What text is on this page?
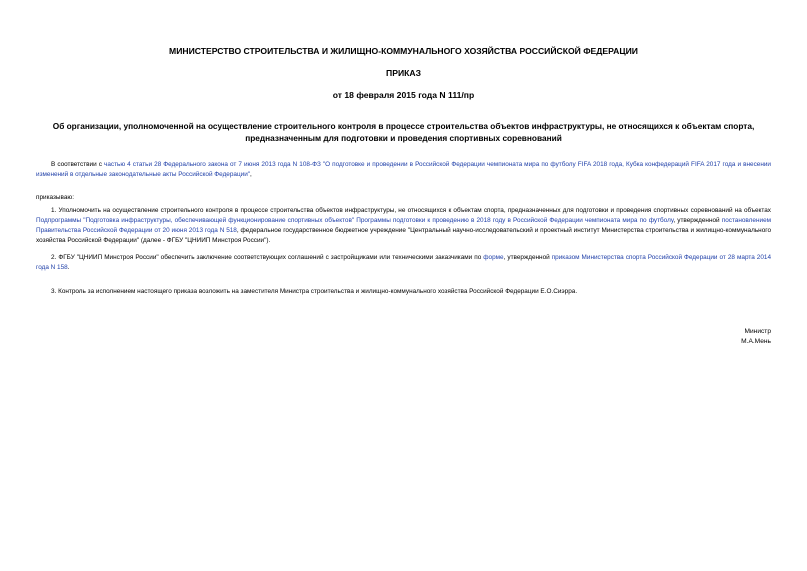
МИНИСТЕРСТВО СТРОИТЕЛЬСТВА И ЖИЛИЩНО-КОММУНАЛЬНОГО ХОЗЯЙСТВА РОССИЙСКОЙ ФЕДЕРАЦИИ
ПРИКАЗ
от 18 февраля 2015 года N 111/пр
Об организации, уполномоченной на осуществление строительного контроля в процессе строительства объектов инфраструктуры, не относящихся к объектам спорта, предназначенным для подготовки и проведения спортивных соревнований
В соответствии с частью 4 статьи 28 Федерального закона от 7 июня 2013 года N 108-ФЗ "О подготовке и проведении в Российской Федерации чемпионата мира по футболу FIFA 2018 года, Кубка конфедераций FIFA 2017 года и внесении изменений в отдельные законодательные акты Российской Федерации",
приказываю:
1. Уполномочить на осуществление строительного контроля в процессе строительства объектов инфраструктуры, не относящихся к объектам спорта, предназначенных для подготовки и проведения спортивных соревнований на объектах Подпрограммы "Подготовка инфраструктуры, обеспечивающей функционирование спортивных объектов" Программы подготовки к проведению в 2018 году в Российской Федерации чемпионата мира по футболу, утвержденной постановлением Правительства Российской Федерации от 20 июня 2013 года N 518, федеральное государственное бюджетное учреждение "Центральный научно-исследовательский и проектный институт Министерства строительства и жилищно-коммунального хозяйства Российской Федерации" (далее - ФГБУ "ЦНИИП Минстроя России").
2. ФГБУ "ЦНИИП Минстроя России" обеспечить заключение соответствующих соглашений с застройщиками или техническими заказчиками по форме, утвержденной приказом Министерства спорта Российской Федерации от 28 марта 2014 года N 158.
3. Контроль за исполнением настоящего приказа возложить на заместителя Министра строительства и жилищно-коммунального хозяйства Российской Федерации Е.О.Сиэрра.
Министр
М.А.Мень
